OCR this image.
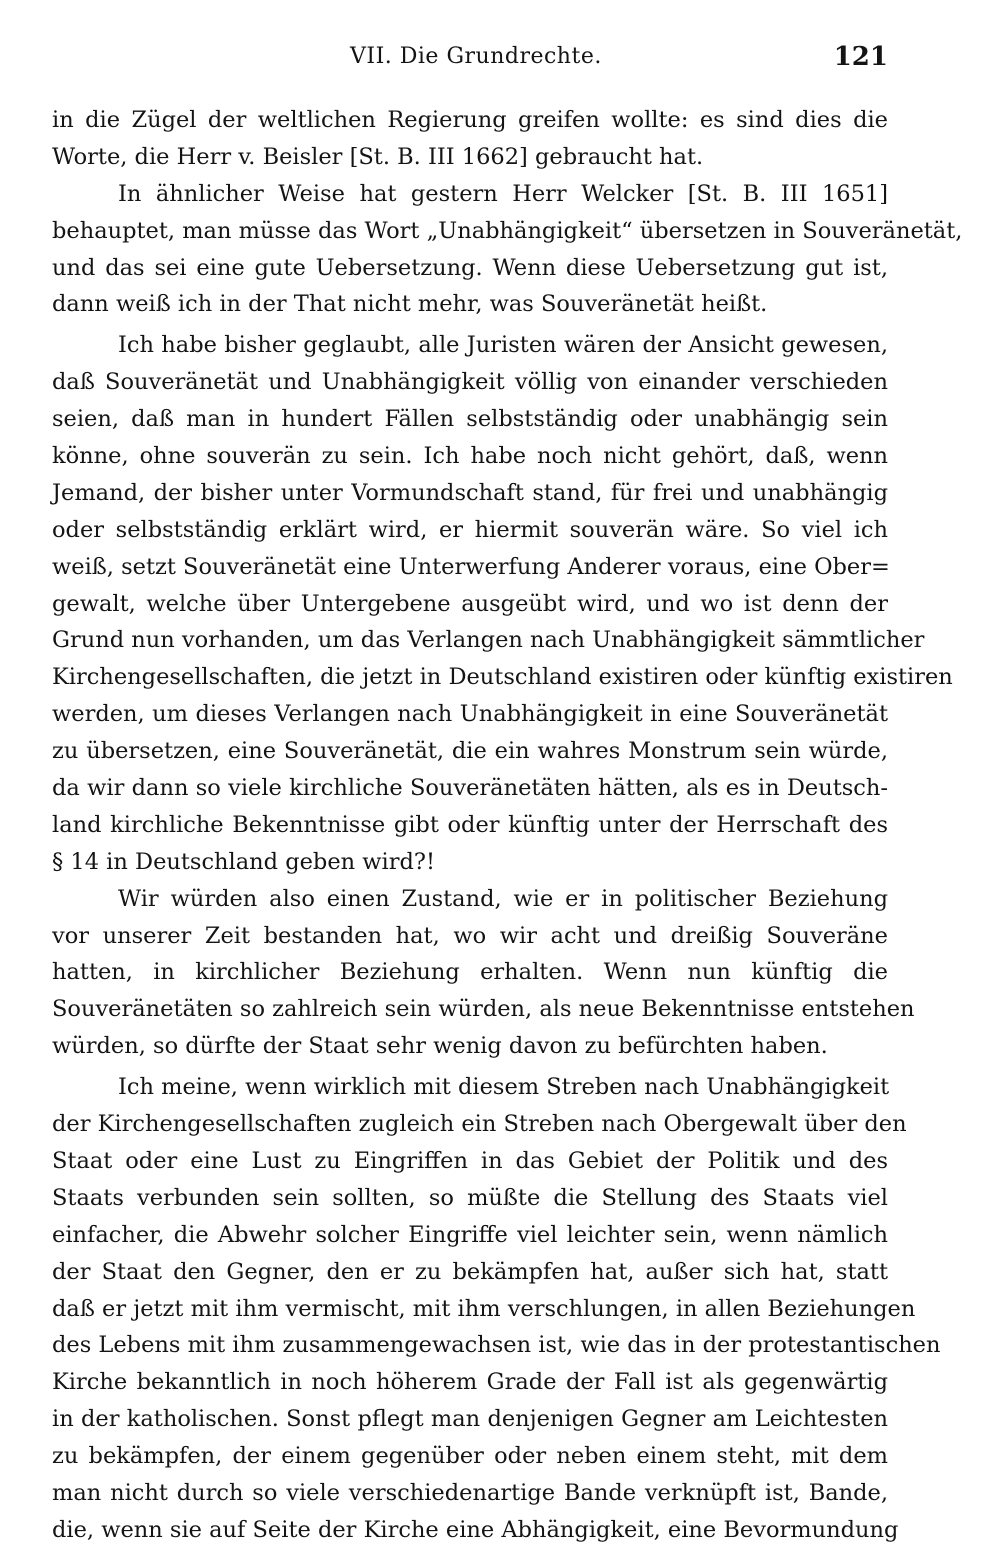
VII. Die Grundrechte.	121
in die Zügel der weltlichen Regierung greifen wollte: es sind dies die
Worte, die Herr v. Beisler [St. B. III 1662] gebraucht hat.
In ähnlicher Weise hat gestern Herr Welcker [St. B. III 1651]
behauptet, man müsse das Wort „Unabhängigkeit“ übersetzen in Souveränetät,
und das sei eine gute Uebersetzung. Wenn diese Uebersetzung gut ist,
dann weiß ich in der That nicht mehr, was Souveränetät heißt.
Ich habe bisher geglaubt, alle Juristen wären der Ansicht gewesen,
daß Souveränetät und Unabhängigkeit völlig von einander verschieden
seien, daß man in hundert Fällen selbstständig oder unabhängig sein
könne, ohne souverän zu sein. Ich habe noch nicht gehört, daß, wenn
Jemand, der bisher unter Vormundschaft stand, für frei und unabhängig
oder selbstständig erklärt wird, er hiermit souverän wäre. So viel ich
weiß, setzt Souveränetät eine Unterwerfung Anderer voraus, eine Ober=
gewalt, welche über Untergebene ausgeübt wird, und wo ist denn der
Grund nun vorhanden, um das Verlangen nach Unabhängigkeit sämmtlicher
Kirchengesellschaften, die jetzt in Deutschland existiren oder künftig existiren
werden, um dieses Verlangen nach Unabhängigkeit in eine Souveränetät
zu übersetzen, eine Souveränetät, die ein wahres Monstrum sein würde,
da wir dann so viele kirchliche Souveränetäten hätten, als es in Deutsch-
land kirchliche Bekenntnisse gibt oder künftig unter der Herrschaft des
§ 14 in Deutschland geben wird?!
Wir würden also einen Zustand, wie er in politischer Beziehung
vor unserer Zeit bestanden hat, wo wir acht und dreißig Souveräne
hatten, in kirchlicher Beziehung erhalten. Wenn nun künftig die
Souveränetäten so zahlreich sein würden, als neue Bekenntnisse entstehen
würden, so dürfte der Staat sehr wenig davon zu befürchten haben.
Ich meine, wenn wirklich mit diesem Streben nach Unabhängigkeit
der Kirchengesellschaften zugleich ein Streben nach Obergewalt über den
Staat oder eine Lust zu Eingriffen in das Gebiet der Politik und des
Staats verbunden sein sollten, so müßte die Stellung des Staats viel
einfacher, die Abwehr solcher Eingriffe viel leichter sein, wenn nämlich
der Staat den Gegner, den er zu bekämpfen hat, außer sich hat, statt
daß er jetzt mit ihm vermischt, mit ihm verschlungen, in allen Beziehungen
des Lebens mit ihm zusammengewachsen ist, wie das in der protestantischen
Kirche bekanntlich in noch höherem Grade der Fall ist als gegenwärtig
in der katholischen. Sonst pflegt man denjenigen Gegner am Leichtesten
zu bekämpfen, der einem gegenüber oder neben einem steht, mit dem
man nicht durch so viele verschiedenartige Bande verknüpft ist, Bande,
die, wenn sie auf Seite der Kirche eine Abhängigkeit, eine Bevormundung
